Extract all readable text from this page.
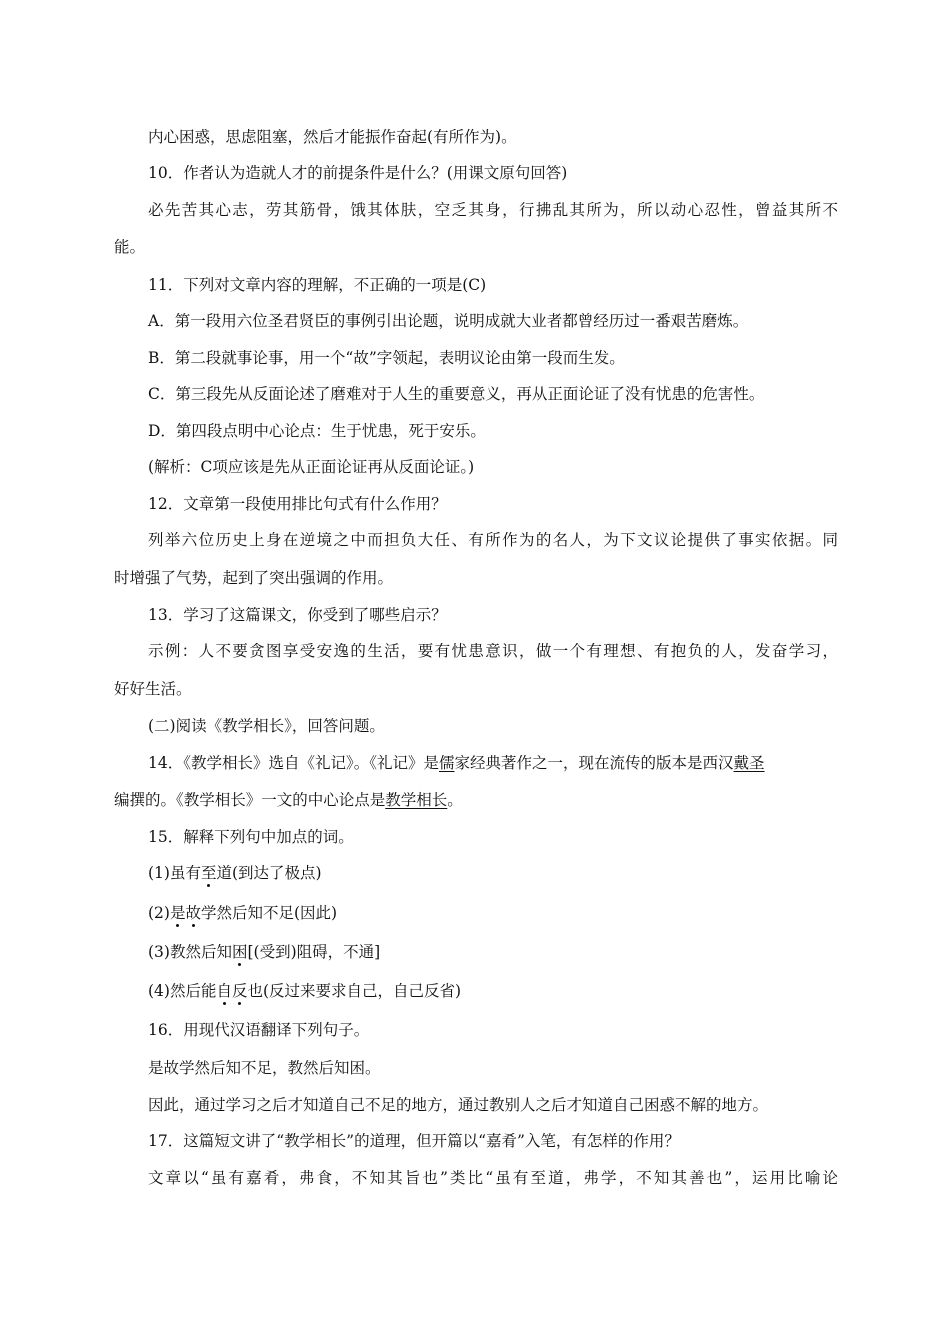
内心困惑，思虑阻塞，然后才能振作奋起(有所作为)。
10．作者认为造就人才的前提条件是什么？(用课文原句回答)
必先苦其心志，劳其筋骨，饿其体肤，空乏其身，行拂乱其所为，所以动心忍性，曾益其所不
能。
11．下列对文章内容的理解，不正确的一项是(C)
A．第一段用六位圣君贤臣的事例引出论题，说明成就大业者都曾经历过一番艰苦磨炼。
B．第二段就事论事，用一个“故”字领起，表明议论由第一段而生发。
C．第三段先从反面论述了磨难对于人生的重要意义，再从正面论证了没有忧患的危害性。
D．第四段点明中心论点：生于忧患，死于安乐。
(解析：C项应该是先从正面论证再从反面论证。)
12．文章第一段使用排比句式有什么作用？
列举六位历史上身在逆境之中而担负大任、有所作为的名人，为下文议论提供了事实依据。同
时增强了气势，起到了突出强调的作用。
13．学习了这篇课文，你受到了哪些启示？
示例：人不要贪图享受安逸的生活，要有忧患意识，做一个有理想、有抱负的人，发奋学习，
好好生活。
(二)阅读《教学相长》，回答问题。
14．《教学相长》选自《礼记》。《礼记》是儒家经典著作之一，现在流传的版本是西汉戴圣
编撰的。《教学相长》一文的中心论点是教学相长。
15．解释下列句中加点的词。
(1)虽有至道(到达了极点)
(2)是故学然后知不足(因此)
(3)教然后知困[(受到)阻碍，不通]
(4)然后能自反也(反过来要求自己，自己反省)
16．用现代汉语翻译下列句子。
是故学然后知不足，教然后知困。
因此，通过学习之后才知道自己不足的地方，通过教别人之后才知道自己困惑不解的地方。
17．这篇短文讲了“教学相长”的道理，但开篇以“嘉肴”入笔，有怎样的作用？
文章以“虽有嘉肴，弗食，不知其旨也”类比“虽有至道，弗学，不知其善也”，运用比喻论
